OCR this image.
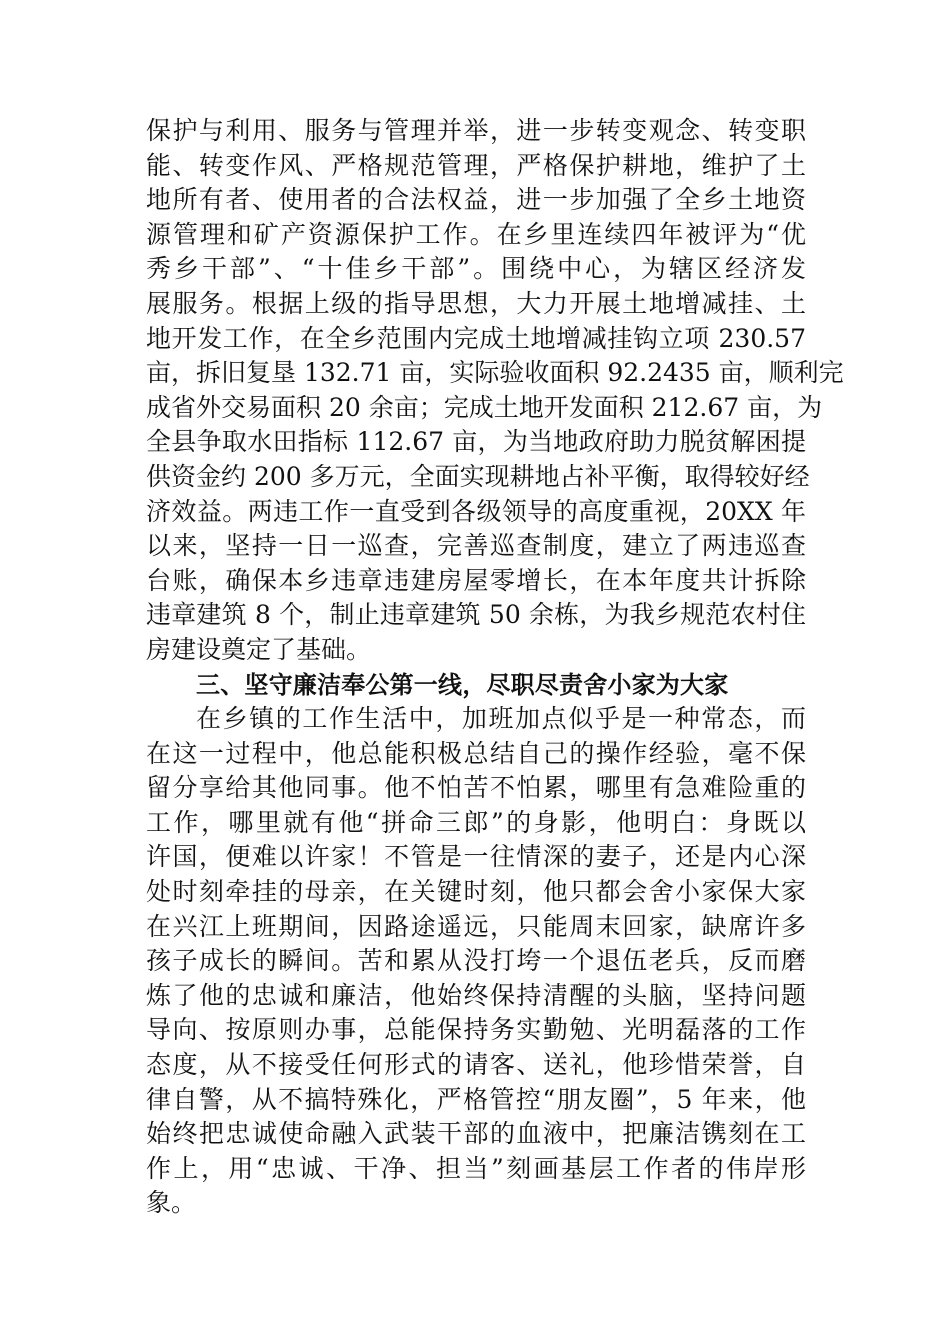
保护与利用、服务与管理并举，进一步转变观念、转变职
能、转变作风、严格规范管理，严格保护耕地，维护了土
地所有者、使用者的合法权益，进一步加强了全乡土地资
源管理和矿产资源保护工作。在乡里连续四年被评为“优
秀乡干部”、“十佳乡干部”。围绕中心，为辖区经济发
展服务。根据上级的指导思想，大力开展土地增减挂、土
地开发工作，在全乡范围内完成土地增减挂钩立项 230.57
亩，拆旧复垦 132.71 亩，实际验收面积 92.2435 亩，顺利完
成省外交易面积 20 余亩；完成土地开发面积 212.67 亩，为
全县争取水田指标 112.67 亩，为当地政府助力脱贫解困提
供资金约 200 多万元，全面实现耕地占补平衡，取得较好经
济效益。两违工作一直受到各级领导的高度重视，20XX 年
以来，坚持一日一巡查，完善巡查制度，建立了两违巡查
台账，确保本乡违章违建房屋零增长，在本年度共计拆除
违章建筑 8 个，制止违章建筑 50 余栋，为我乡规范农村住
房建设奠定了基础。
三、坚守廉洁奉公第一线，尽职尽责舍小家为大家
在乡镇的工作生活中，加班加点似乎是一种常态，而
在这一过程中，他总能积极总结自己的操作经验，毫不保
留分享给其他同事。他不怕苦不怕累，哪里有急难险重的
工作，哪里就有他“拼命三郎”的身影，他明白：身既以
许国，便难以许家！不管是一往情深的妻子，还是内心深
处时刻牵挂的母亲，在关键时刻，他只都会舍小家保大家
在兴江上班期间，因路途遥远，只能周末回家，缺席许多
孩子成长的瞬间。苦和累从没打垮一个退伍老兵，反而磨
炼了他的忠诚和廉洁，他始终保持清醒的头脑，坚持问题
导向、按原则办事，总能保持务实勤勉、光明磊落的工作
态度，从不接受任何形式的请客、送礼，他珍惜荣誉，自
律自警，从不搞特殊化，严格管控“朋友圈”，5 年来，他
始终把忠诚使命融入武装干部的血液中，把廉洁镌刻在工
作上，用“忠诚、干净、担当”刻画基层工作者的伟岸形
象。
